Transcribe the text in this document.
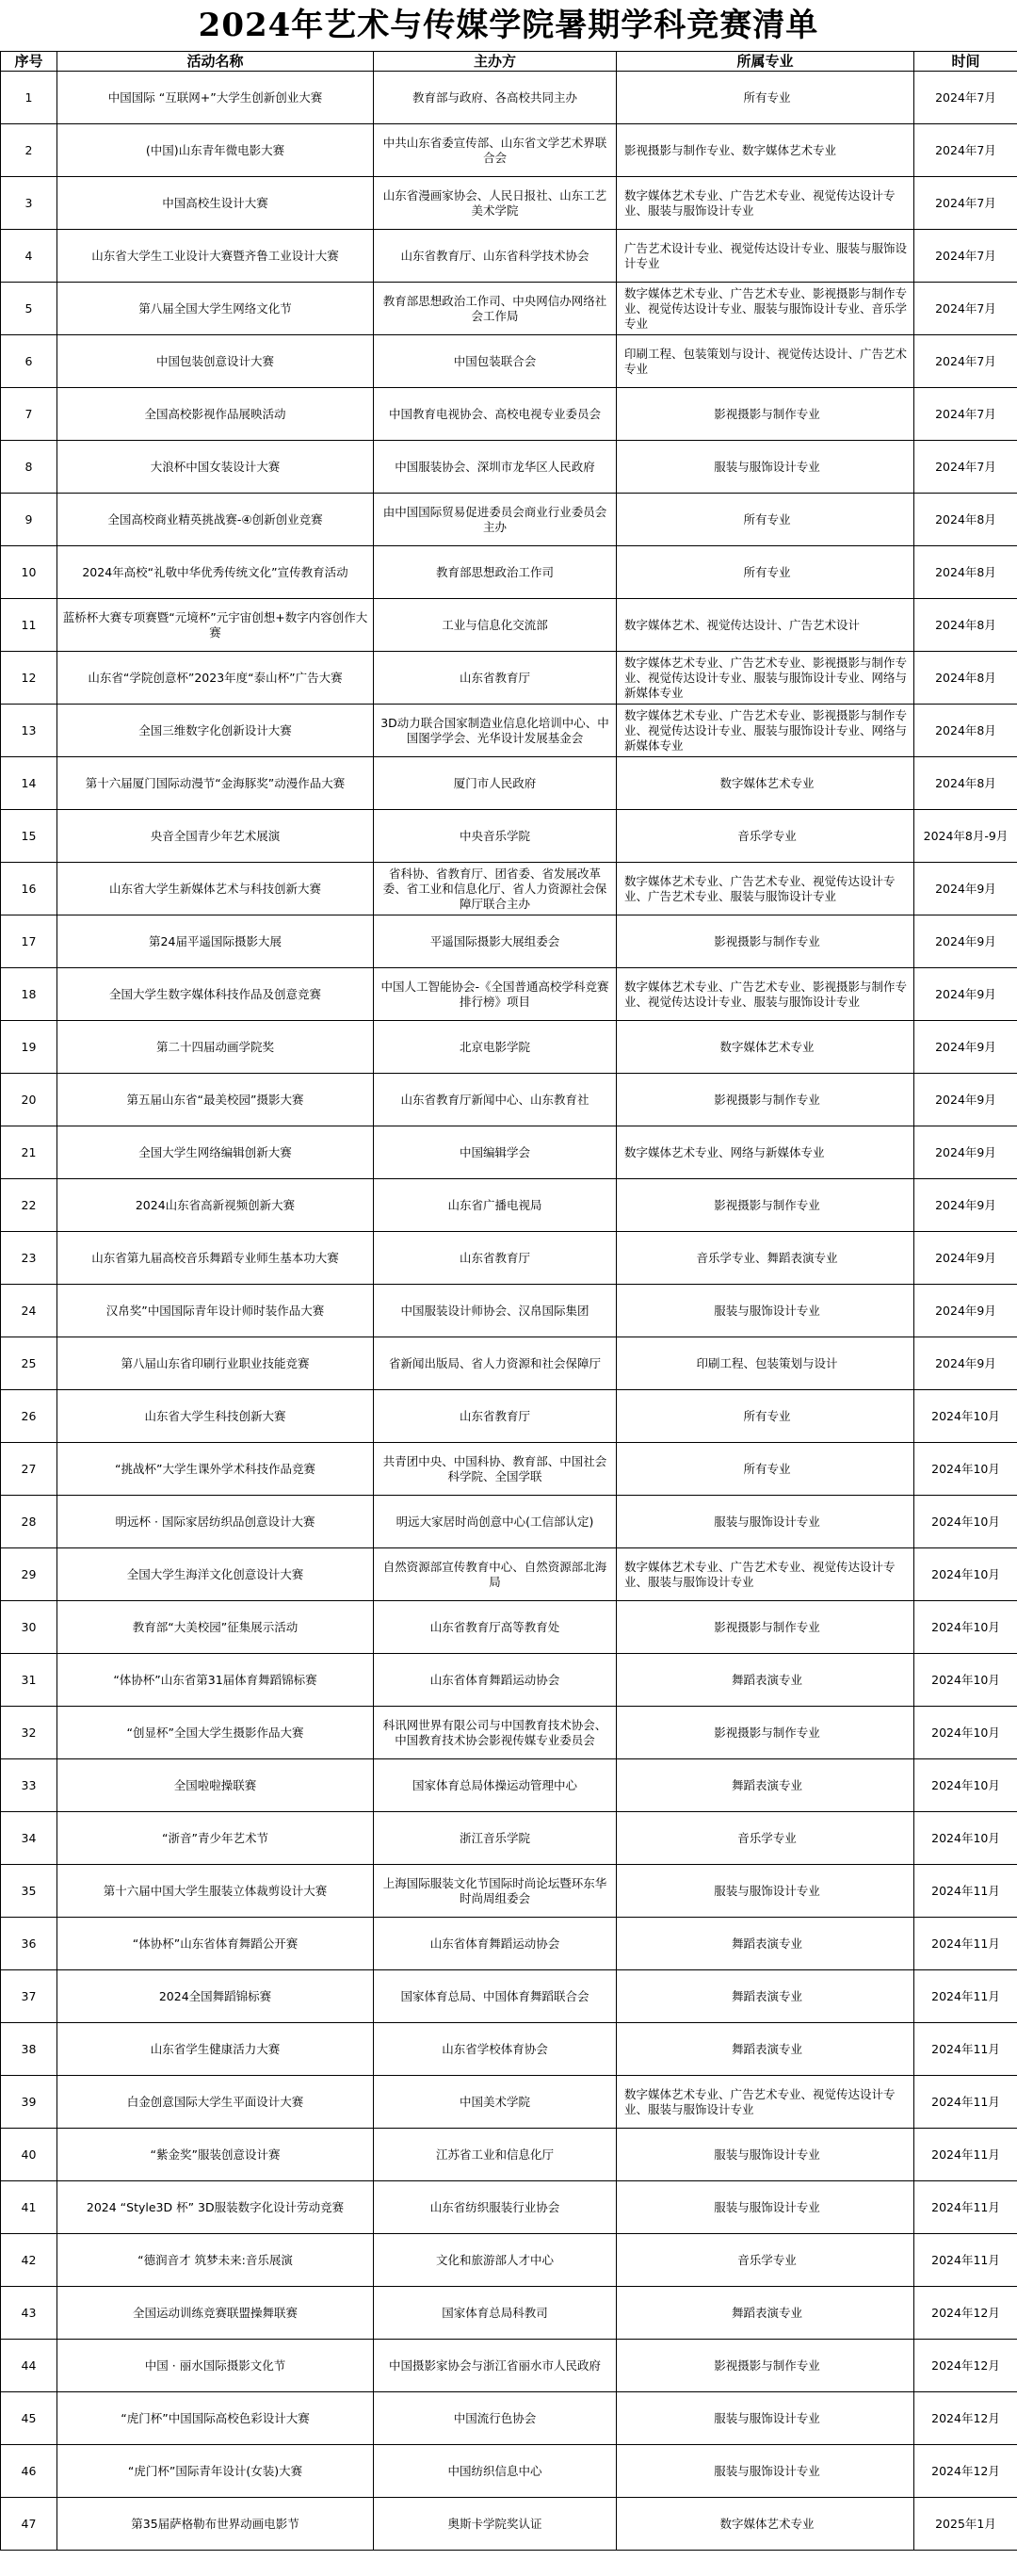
2024年艺术与传媒学院暑期学科竞赛清单
序号	活动名称	主办方	所属专业	时间
1	中国国际 “互联网+”大学生创新创业大赛	教育部与政府、各高校共同主办	所有专业	2024年7月
2	(中国)山东青年微电影大赛	中共山东省委宣传部、山东省文学艺术界联合会	影视摄影与制作专业、数字媒体艺术专业	2024年7月
3	中国高校生设计大赛	山东省漫画家协会、人民日报社、山东工艺美术学院	数字媒体艺术专业、广告艺术专业、视觉传达设计专业、服装与服饰设计专业	2024年7月
4	山东省大学生工业设计大赛暨齐鲁工业设计大赛	山东省教育厅、山东省科学技术协会	广告艺术设计专业、视觉传达设计专业、服装与服饰设计专业	2024年7月
5	第八届全国大学生网络文化节	教育部思想政治工作司、中央网信办网络社会工作局	数字媒体艺术专业、广告艺术专业、影视摄影与制作专业、视觉传达设计专业、服装与服饰设计专业、音乐学专业	2024年7月
6	中国包装创意设计大赛	中国包装联合会	印刷工程、包装策划与设计、视觉传达设计、广告艺术专业	2024年7月
7	全国高校影视作品展映活动	中国教育电视协会、高校电视专业委员会	影视摄影与制作专业	2024年7月
8	大浪杯中国女装设计大赛	中国服装协会、深圳市龙华区人民政府	服装与服饰设计专业	2024年7月
9	全国高校商业精英挑战赛-④创新创业竞赛	由中国国际贸易促进委员会商业行业委员会主办	所有专业	2024年8月
10	2024年高校“礼敬中华优秀传统文化”宣传教育活动	教育部思想政治工作司	所有专业	2024年8月
11	蓝桥杯大赛专项赛暨“元境杯”元宇宙创想+数字内容创作大赛	工业与信息化交流部	数字媒体艺术、视觉传达设计、广告艺术设计	2024年8月
12	山东省“学院创意杯”2023年度“泰山杯”广告大赛	山东省教育厅	数字媒体艺术专业、广告艺术专业、影视摄影与制作专业、视觉传达设计专业、服装与服饰设计专业、网络与新媒体专业	2024年8月
13	全国三维数字化创新设计大赛	3D动力联合国家制造业信息化培训中心、中国图学学会、光华设计发展基金会	数字媒体艺术专业、广告艺术专业、影视摄影与制作专业、视觉传达设计专业、服装与服饰设计专业、网络与新媒体专业	2024年8月
14	第十六届厦门国际动漫节“金海豚奖”动漫作品大赛	厦门市人民政府	数字媒体艺术专业	2024年8月
15	央音全国青少年艺术展演	中央音乐学院	音乐学专业	2024年8月-9月
16	山东省大学生新媒体艺术与科技创新大赛	省科协、省教育厅、团省委、省发展改革委、省工业和信息化厅、省人力资源社会保障厅联合主办	数字媒体艺术专业、广告艺术专业、视觉传达设计专业、广告艺术专业、服装与服饰设计专业	2024年9月
17	第24届平遥国际摄影大展	平遥国际摄影大展组委会	影视摄影与制作专业	2024年9月
18	全国大学生数字媒体科技作品及创意竞赛	中国人工智能协会-《全国普通高校学科竞赛排行榜》项目	数字媒体艺术专业、广告艺术专业、影视摄影与制作专业、视觉传达设计专业、服装与服饰设计专业	2024年9月
19	第二十四届动画学院奖	北京电影学院	数字媒体艺术专业	2024年9月
20	第五届山东省“最美校园”摄影大赛	山东省教育厅新闻中心、山东教育社	影视摄影与制作专业	2024年9月
21	全国大学生网络编辑创新大赛	中国编辑学会	数字媒体艺术专业、网络与新媒体专业	2024年9月
22	2024山东省高新视频创新大赛	山东省广播电视局	影视摄影与制作专业	2024年9月
23	山东省第九届高校音乐舞蹈专业师生基本功大赛	山东省教育厅	音乐学专业、舞蹈表演专业	2024年9月
24	汉帛奖”中国国际青年设计师时装作品大赛	中国服装设计师协会、汉帛国际集团	服装与服饰设计专业	2024年9月
25	第八届山东省印刷行业职业技能竞赛	省新闻出版局、省人力资源和社会保障厅	印刷工程、包装策划与设计	2024年9月
26	山东省大学生科技创新大赛	山东省教育厅	所有专业	2024年10月
27	“挑战杯”大学生课外学术科技作品竞赛	共青团中央、中国科协、教育部、中国社会科学院、全国学联	所有专业	2024年10月
28	明远杯 · 国际家居纺织品创意设计大赛	明远大家居时尚创意中心(工信部认定)	服装与服饰设计专业	2024年10月
29	全国大学生海洋文化创意设计大赛	自然资源部宣传教育中心、自然资源部北海局	数字媒体艺术专业、广告艺术专业、视觉传达设计专业、服装与服饰设计专业	2024年10月
30	教育部“大美校园”征集展示活动	山东省教育厅高等教育处	影视摄影与制作专业	2024年10月
31	“体协杯”山东省第31届体育舞蹈锦标赛	山东省体育舞蹈运动协会	舞蹈表演专业	2024年10月
32	“创显杯”全国大学生摄影作品大赛	科讯网世界有限公司与中国教育技术协会、中国教育技术协会影视传媒专业委员会	影视摄影与制作专业	2024年10月
33	全国啦啦操联赛	国家体育总局体操运动管理中心	舞蹈表演专业	2024年10月
34	“浙音”青少年艺术节	浙江音乐学院	音乐学专业	2024年10月
35	第十六届中国大学生服装立体裁剪设计大赛	上海国际服装文化节国际时尚论坛暨环东华时尚周组委会	服装与服饰设计专业	2024年11月
36	“体协杯”山东省体育舞蹈公开赛	山东省体育舞蹈运动协会	舞蹈表演专业	2024年11月
37	2024全国舞蹈锦标赛	国家体育总局、中国体育舞蹈联合会	舞蹈表演专业	2024年11月
38	山东省学生健康活力大赛	山东省学校体育协会	舞蹈表演专业	2024年11月
39	白金创意国际大学生平面设计大赛	中国美术学院	数字媒体艺术专业、广告艺术专业、视觉传达设计专业、服装与服饰设计专业	2024年11月
40	“紫金奖”服装创意设计赛	江苏省工业和信息化厅	服装与服饰设计专业	2024年11月
41	2024 “Style3D 杯” 3D服装数字化设计劳动竞赛	山东省纺织服装行业协会	服装与服饰设计专业	2024年11月
42	“德润音才 筑梦未来:音乐展演	文化和旅游部人才中心	音乐学专业	2024年11月
43	全国运动训练竞赛联盟操舞联赛	国家体育总局科教司	舞蹈表演专业	2024年12月
44	中国 · 丽水国际摄影文化节	中国摄影家协会与浙江省丽水市人民政府	影视摄影与制作专业	2024年12月
45	“虎门杯”中国国际高校色彩设计大赛	中国流行色协会	服装与服饰设计专业	2024年12月
46	“虎门杯”国际青年设计(女装)大赛	中国纺织信息中心	服装与服饰设计专业	2024年12月
47	第35届萨格勒布世界动画电影节	奥斯卡学院奖认证	数字媒体艺术专业	2025年1月
